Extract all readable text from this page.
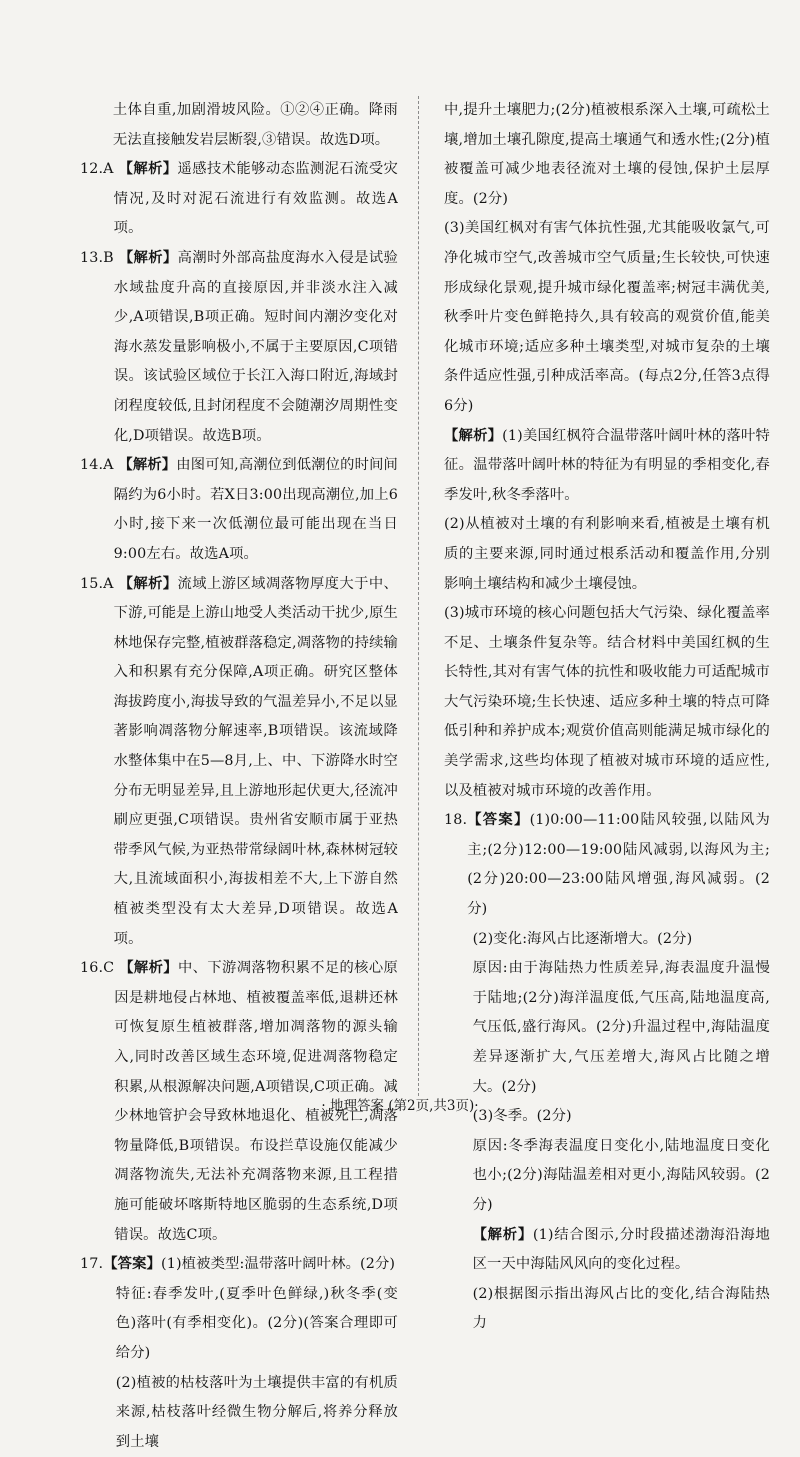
土体自重,加剧滑坡风险。①②④正确。降雨无法直接触发岩层断裂,③错误。故选D项。

12.A 【解析】遥感技术能够动态监测泥石流受灾情况,及时对泥石流进行有效监测。故选A项。
13.B 【解析】高潮时外部高盐度海水入侵是试验水域盐度升高的直接原因,并非淡水注入减少,A项错误,B项正确。短时间内潮汐变化对海水蒸发量影响极小,不属于主要原因,C项错误。该试验区域位于长江入海口附近,海域封闭程度较低,且封闭程度不会随潮汐周期性变化,D项错误。故选B项。
14.A 【解析】由图可知,高潮位到低潮位的时间间隔约为6小时。若X日3:00出现高潮位,加上6小时,接下来一次低潮位最可能出现在当日9:00左右。故选A项。
15.A 【解析】流域上游区域凋落物厚度大于中、下游,可能是上游山地受人类活动干扰少,原生林地保存完整,植被群落稳定,凋落物的持续输入和积累有充分保障,A项正确。研究区整体海拔跨度小,海拔导致的气温差异小,不足以显著影响凋落物分解速率,B项错误。该流域降水整体集中在5—8月,上、中、下游降水时空分布无明显差异,且上游地形起伏更大,径流冲刷应更强,C项错误。贵州省安顺市属于亚热带季风气候,为亚热带常绿阔叶林,森林树冠较大,且流域面积小,海拔相差不大,上下游自然植被类型没有太大差异,D项错误。故选A项。
16.C 【解析】中、下游凋落物积累不足的核心原因是耕地侵占林地、植被覆盖率低,退耕还林可恢复原生植被群落,增加凋落物的源头输入,同时改善区域生态环境,促进凋落物稳定积累,从根源解决问题,A项错误,C项正确。减少林地管护会导致林地退化、植被死亡,凋落物量降低,B项错误。布设拦草设施仅能减少凋落物流失,无法补充凋落物来源,且工程措施可能破坏喀斯特地区脆弱的生态系统,D项错误。故选C项。
17. 【答案】(1)植被类型:温带落叶阔叶林。(2分)

特征:春季发叶,(夏季叶色鲜绿,)秋冬季(变色)落叶(有季相变化)。(2分)(答案合理即可给分)

(2)植被的枯枝落叶为土壤提供丰富的有机质来源,枯枝落叶经微生物分解后,将养分释放到土壤

中,提升土壤肥力;(2分)植被根系深入土壤,可疏松土壤,增加土壤孔隙度,提高土壤通气和透水性;(2分)植被覆盖可减少地表径流对土壤的侵蚀,保护土层厚度。(2分)

(3)美国红枫对有害气体抗性强,尤其能吸收氯气,可净化城市空气,改善城市空气质量;生长较快,可快速形成绿化景观,提升城市绿化覆盖率;树冠丰满优美,秋季叶片变色鲜艳持久,具有较高的观赏价值,能美化城市环境;适应多种土壤类型,对城市复杂的土壤条件适应性强,引种成活率高。(每点2分,任答3点得6分)

【解析】(1)美国红枫符合温带落叶阔叶林的落叶特征。温带落叶阔叶林的特征为有明显的季相变化,春季发叶,秋冬季落叶。

(2)从植被对土壤的有利影响来看,植被是土壤有机质的主要来源,同时通过根系活动和覆盖作用,分别影响土壤结构和减少土壤侵蚀。

(3)城市环境的核心问题包括大气污染、绿化覆盖率不足、土壤条件复杂等。结合材料中美国红枫的生长特性,其对有害气体的抗性和吸收能力可适配城市大气污染环境;生长快速、适应多种土壤的特点可降低引种和养护成本;观赏价值高则能满足城市绿化的美学需求,这些均体现了植被对城市环境的适应性,以及植被对城市环境的改善作用。

18. 【答案】(1)0:00—11:00陆风较强,以陆风为主;(2分)12:00—19:00陆风减弱,以海风为主;(2分)20:00—23:00陆风增强,海风减弱。(2分)

(2)变化:海风占比逐渐增大。(2分)

原因:由于海陆热力性质差异,海表温度升温慢于陆地;(2分)海洋温度低,气压高,陆地温度高,气压低,盛行海风。(2分)升温过程中,海陆温度差异逐渐扩大,气压差增大,海风占比随之增大。(2分)

(3)冬季。(2分)

原因:冬季海表温度日变化小,陆地温度日变化也小;(2分)海陆温差相对更小,海陆风较弱。(2分)

【解析】(1)结合图示,分时段描述渤海沿海地区一天中海陆风风向的变化过程。

(2)根据图示指出海风占比的变化,结合海陆热力

· 地理答案 (第2页,共3页)·
